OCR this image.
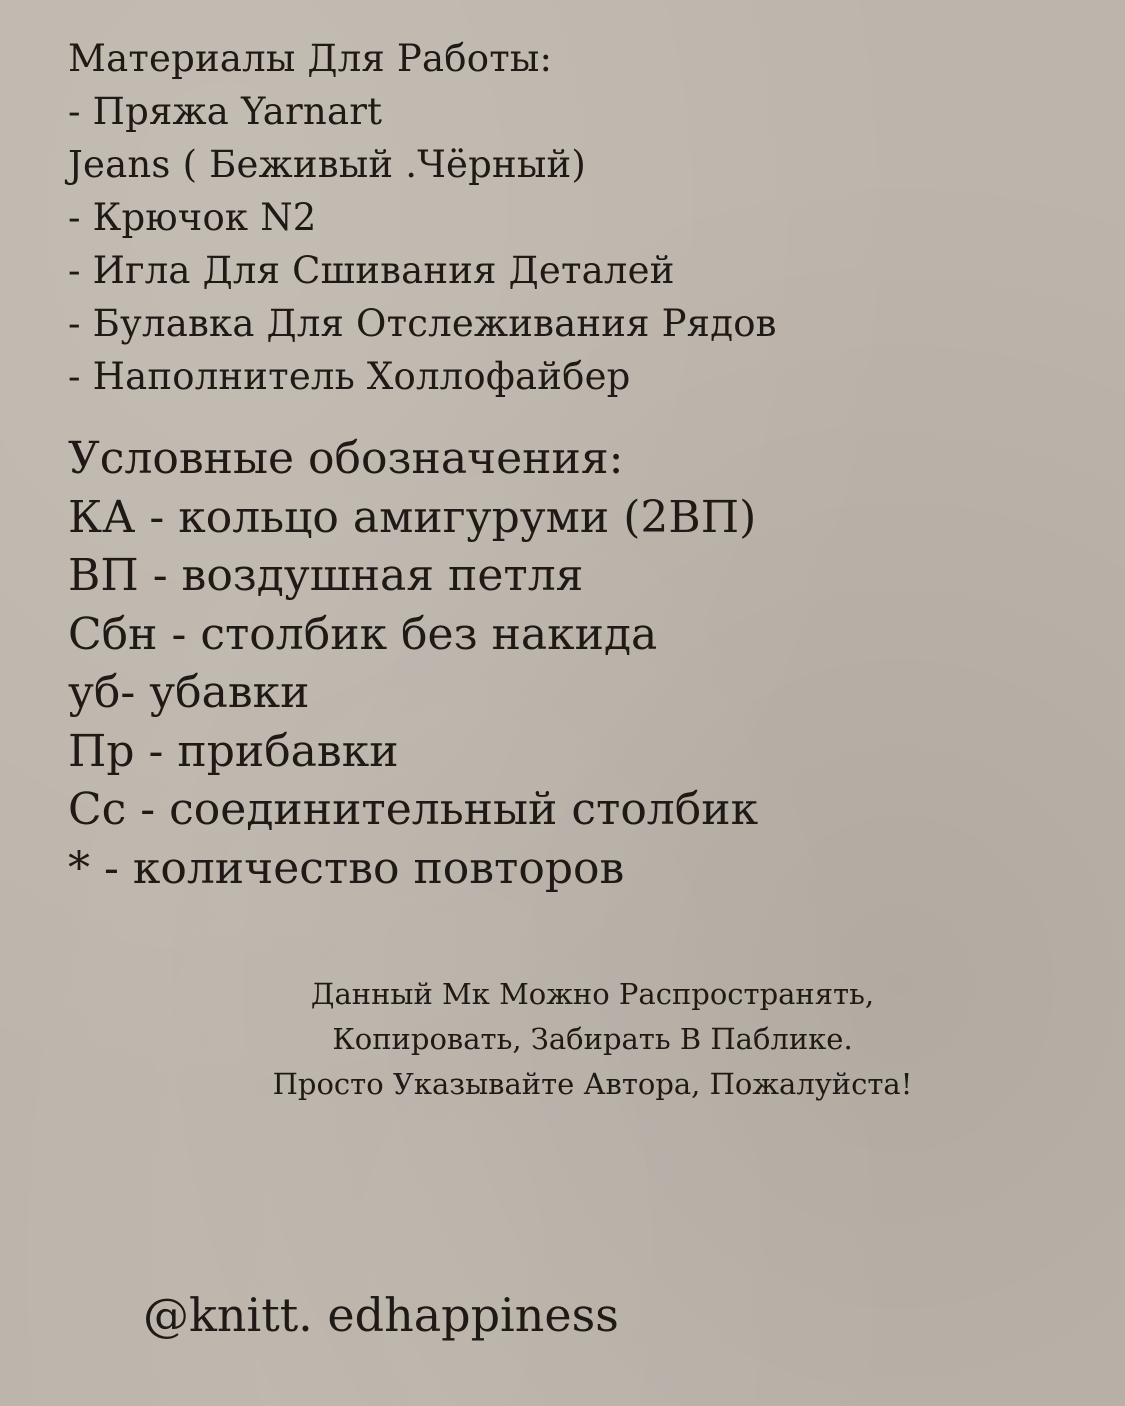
Материалы Для Работы:
- Пряжа Yarnart
Jeans ( Беживый .Чёрный)
- Крючок N2
- Игла Для Сшивания Деталей
- Булавка Для Отслеживания Рядов
- Наполнитель Холлофайбер
Условные обозначения:
КА - кольцо амигуруми (2ВП)
ВП - воздушная петля
Сбн - столбик без накида
уб- убавки
Пр - прибавки
Сс - соединительный столбик
* - количество повторов
Данный Мк Можно Распространять,
Копировать, Забирать В Паблике.
Просто Указывайте Автора, Пожалуйста!
@knitt. edhappiness
